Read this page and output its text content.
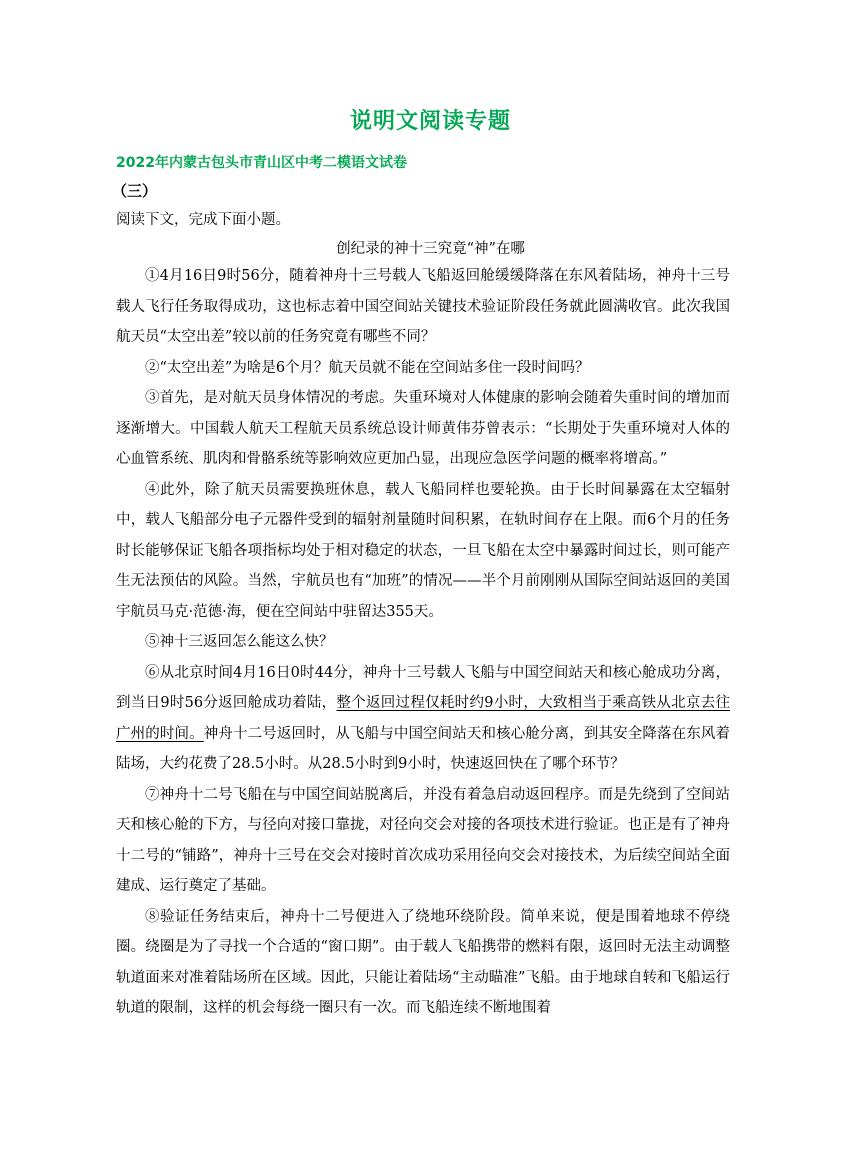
说明文阅读专题
2022年内蒙古包头市青山区中考二模语文试卷
（三）
阅读下文，完成下面小题。
创纪录的神十三究竟“神”在哪

①4月16日9时56分，随着神舟十三号载人飞船返回舱缓缓降落在东风着陆场，神舟十三号载人飞行任务取得成功，这也标志着中国空间站关键技术验证阶段任务就此圆满收官。此次我国航天员“太空出差”较以前的任务究竟有哪些不同？

②“太空出差”为啥是6个月？航天员就不能在空间站多住一段时间吗？

③首先，是对航天员身体情况的考虑。失重环境对人体健康的影响会随着失重时间的增加而逐渐增大。中国载人航天工程航天员系统总设计师黄伟芬曾表示：“长期处于失重环境对人体的心血管系统、肌肉和骨骼系统等影响效应更加凸显，出现应急医学问题的概率将增高。”

④此外，除了航天员需要换班休息，载人飞船同样也要轮换。由于长时间暴露在太空辐射中，载人飞船部分电子元器件受到的辐射剂量随时间积累，在轨时间存在上限。而6个月的任务时长能够保证飞船各项指标均处于相对稳定的状态，一旦飞船在太空中暴露时间过长，则可能产生无法预估的风险。当然，宇航员也有“加班”的情况——半个月前刚刚从国际空间站返回的美国宇航员马克·范德·海，便在空间站中驻留达355天。

⑤神十三返回怎么能这么快？

⑥从北京时间4月16日0时44分，神舟十三号载人飞船与中国空间站天和核心舱成功分离，到当日9时56分返回舱成功着陆，整个返回过程仅耗时约9小时，大致相当于乘高铁从北京去往广州的时间。神舟十二号返回时，从飞船与中国空间站天和核心舱分离，到其安全降落在东风着陆场，大约花费了28.5小时。从28.5小时到9小时，快速返回快在了哪个环节？

⑦神舟十二号飞船在与中国空间站脱离后，并没有着急启动返回程序。而是先绕到了空间站天和核心舱的下方，与径向对接口靠拢，对径向交会对接的各项技术进行验证。也正是有了神舟十二号的“铺路”，神舟十三号在交会对接时首次成功采用径向交会对接技术，为后续空间站全面建成、运行奠定了基础。

⑧验证任务结束后，神舟十二号便进入了绕地环绕阶段。简单来说，便是围着地球不停绕圈。绕圈是为了寻找一个合适的“窗口期”。由于载人飞船携带的燃料有限，返回时无法主动调整轨道面来对准着陆场所在区域。因此，只能让着陆场“主动瞄准”飞船。由于地球自转和飞船运行轨道的限制，这样的机会每绕一圈只有一次。而飞船连续不断地围着
